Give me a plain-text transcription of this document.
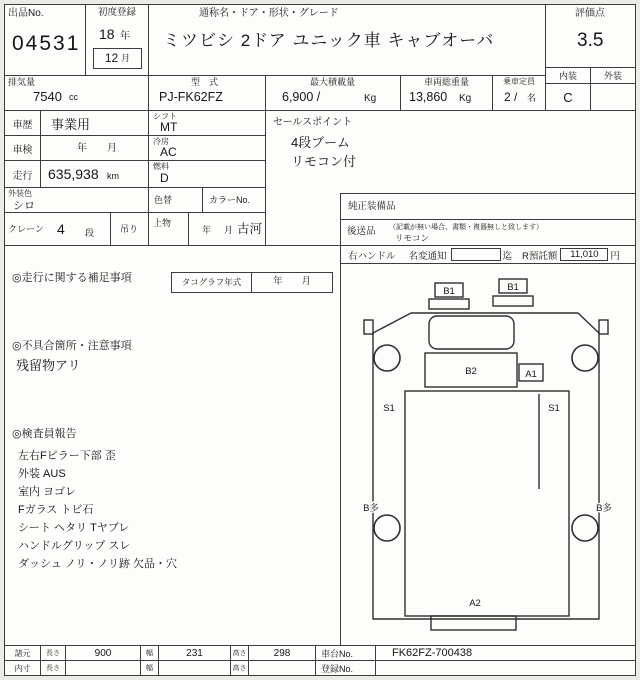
出品No.
04531
初度登録
18 年
12 月
通称名・ドア・形状・グレード
ミツビシ 2ドア ユニック車 キャブオーバ
評価点
3.5
内装	外装
C
排気量
7540 cc
型　式
PJ-FK62FZ
最大積載量
6,900 /	Kg
車両総重量
13,860 Kg
乗車定員
2 / 名
車歴 事業用	シフト
MT
車検	年　　月
冷房
AC
走行 635,938 km
燃料
D
外装色
シロ	色替	カラーNo.
クレーン 4 段	吊り
上物
年 月 古河
セールスポイント
4段ブーム
リモコン付
純正装備品
後送品 （記載が無い場合、書類・複器無しと致します）
リモコン
右ハンドル 名変通知	迄 R預託額 11,010 円
◎走行に関する補足事項	タコグラフ年式	年　　月
◎不具合箇所・注意事項
残留物アリ
◎検査員報告
左右Fピラー下部 歪
外装 AUS
室内 ヨゴレ
Fガラス トビ石
シート ヘタリ Tヤブレ
ハンドルグリップ スレ
ダッシュ ノリ・ノリ跡 欠品・穴
B1	B1
B2	A1
S1	S1
B多	B多
A2
諸元 長さ	900	幅	231	高さ	298	車台No.	FK62FZ-700438
内寸 長さ	幅	高さ	登録No.
